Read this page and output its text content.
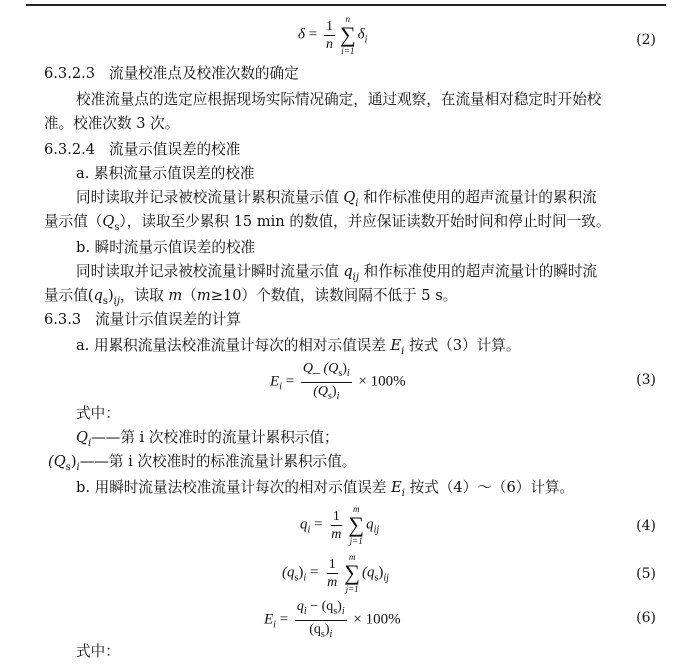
$\delta = \frac{1}{n}$ n
∑
i=1
$\delta_i$	(2)
6.3.2.3 流量校准点及校准次数的确定
校准流量点的选定应根据现场实际情况确定，通过观察，在流量相对稳定时开始校
准。校准次数 3 次。
6.3.2.4 流量示值误差的校准
a. 累积流量示值误差的校准
同时读取并记录被校流量计累积流量示值 $Q_i$ 和作标准使用的超声流量计的累积流
量示值$(Q_s)$，读取至少累积 15 min 的数值，并应保证读数开始时间和停止时间一致。
b. 瞬时流量示值误差的校准
同时读取并记录被校流量计瞬时流量示值 $q_{ij}$ 和作标准使用的超声流量计的瞬时流
量示值$(q_s)_{ij}$，读取 m（m≥10）个数值，读数间隔不低于 5 s。
6.3.3 流量计示值误差的计算
a. 用累积流量法校准流量计每次的相对示值误差 $E_i$ 按式（3）计算。
$E_i = \frac{Q\_ (Q_s)_i}{(Q_s)_i} \times 100\%$	(3)
式中：
$Q_i——$第 i 次校准时的流量计累积示值；
$(Q_s)_i——$第 i 次校准时的标准流量计累积示值。
b. 用瞬时流量法校准流量计每次的相对示值误差 $E_i$ 按式（4）～（6）计算。
$q_i = \frac{1}{m}$ m
∑
j=1
$q_{ij}$	(4)
$(q_s)_i = \frac{1}{m}$ m
∑
j=1
$(q_s)_{ij}$	(5)
$E_i = \frac{q_i - (q_s)_i}{(q_s)_i} \times 100\%$	(6)
式中：
